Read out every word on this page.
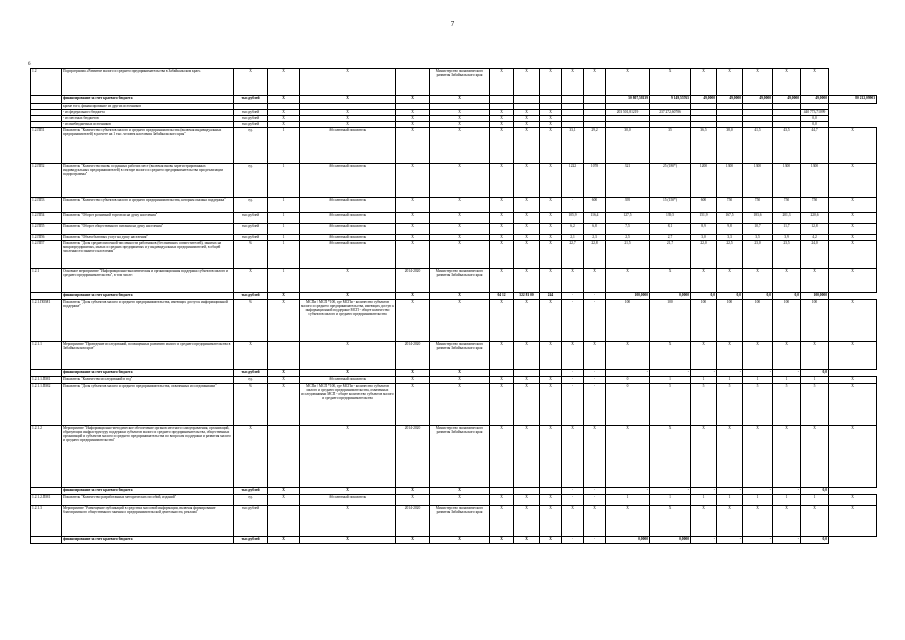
7
6
1.2	Подпрограмма «Развитие малого и среднего предпринимательства в Забайкальском крае»	X	X	X		Министерство экономического развития Забайкальского края	X	X	X	X	X	X	X	X	X	X	X	X	
	финансирование за счет краевого бюджета	тыс.рублей	X	X	X	X						50 807,58139	9 149,55765	49,0000	49,0000	49,0000	49,0000	49,0000	80 212,09903
	кроме того, финансирование из других источников																		
	- из федерального бюджета	тыс.рублей	X	X	X	X	X	X	X			203 501,81219	237 272,60786					440 773,71099	
	- из местных бюджетов	тыс.рублей	X	X	X	X	X	X	X									0,0	
	- из внебюджетных источников	тыс.рублей	X	X	X	X	X	X	X									0,0	
1.2.ПП1	Показатель "Количество субъектов малого и среднего предпринимательства (включая индивидуальных предпринимателей) в расчете на 1 тыс. человек населения Забайкальского края"	ед.	1	Абсолютный показатель	X	X	X	X	X	33,1	29,2	30,0	35	36,5	38,0	41,5	43,5	44,7	X
1.2.ПП2	Показатель "Количество вновь созданных рабочих мест (включая вновь зарегистрированных индивидуальных предпринимателей) в секторе малого и среднего предпринимательства при реализации подпрограммы"	ед.	1	Абсолютный показатель	X	X	X	X	X	1222	1078	321	25 (180*)	1200	1300	1300	1300	1300	X
1.2.ПП3	Показатель "Количество субъектов малого и среднего предпринимательства, которым оказана поддержка"	ед.	1	Абсолютный показатель	X	X	X	X	X	-	600	395	15 (150*)	600	750	750	750	750	X
1.2.ПП4	Показатель "Оборот розничной торговли на душу населения"	тыс.рублей	1	Абсолютный показатель	X	X	X	X	X	105,9	116,4	127,5	139,5	151,9	167,5	183,6	201,3	220,6	X
1.2.ПП5	Показатель "Оборот общественного питания на душу населения"	тыс.рублей	1	Абсолютный показатель	X	X	X	X	X	6,2	6,8	7,5	8,1	8,9	9,8	10,7	11,7	12,8	X
1.2.ПП6	Показатель "Объем бытовых услуг на душу населения"	тыс.рублей	1	Абсолютный показатель	X	X	X	X	X	2,1	2,3	2,5	2,7	3,0	3,3	3,5	3,9	4,2	X
1.2.ПП7	Показатель "Доля среднесписочной численности работников (без внешних совместителей), занятых на микропредприятиях, малых и средних предприятиях и у индивидуальных предпринимателей, в общей численности занятого населения"	%	1	Абсолютный показатель	X	X	X	X	X	22,7	22,8	21,5	21,7	22,0	22,5	23,0	23,5	24,0	X
1.2.1	Основное мероприятие "Информационно-аналитическая и организационная поддержка субъектов малого и среднего предпринимательства", в том числе:	X	1	X	2014-2020	Министерство экономического развития Забайкальского края	X	X	X	X	X	X	X	X	X	X	X	X	X
	финансирование за счет краевого бюджета	тыс.рублей	X	X	X	X	04 12	522 81 00	244	-	-	100,0000	0,0000	0,0	0,0	0,0	0,0	100,0000	
1.2.1.ПОМ1	Показатель "Доля субъектов малого и среднего предпринимательства, имеющих доступ к информационной поддержке"	%	X	МСПи / МСП *100, где МСПи - количество субъектов малого и среднего предпринимательства, имеющих доступ к информационной поддержке МСП - общее количество субъектов малого и среднего предпринимательства	X	X	X	X	X	-	-	100	100	100	100	100	100	100	X
1.2.1.1	Мероприятие "Проведение исследований, посвященных развитию малого и среднего предпринимательства в Забайкальском крае"	X		X	2014-2020	Министерство экономического развития Забайкальского края	X	X	X	X	X	X	X	X	X	X	X	X	X
	финансирование за счет краевого бюджета	тыс.рублей	X	X	X	X				-	-	-	-	-	-	-	-	0,0	
1.2.1.1.ПМ1	Показатель "Количество исследований в год"	ед.	X	Абсолютный показатель	X	X	X	X	X	-	-	0	1	1	1	1	1	1	X
1.2.1.1.ПМ2	Показатель "Доля субъектов малого и среднего предпринимательства, охваченных исследованиями"	%	X	МСПи / МСП *100, где МСПи - количество субъектов малого и среднего предпринимательства, охваченных исследованиями МСП - общее количество субъектов малого и среднего предпринимательства	X	X	X	X	X	-	-	0	5	5	5	5	5	5	X
1.2.1.2	Мероприятие "Информационно-методическое обеспечение органов местного самоуправления, организаций, образующих инфраструктуру поддержки субъектов малого и среднего предпринимательства, общественных организаций и субъектов малого и среднего предпринимательства по вопросам поддержки и развития малого и среднего предпринимательства"	X		X	2014-2020	Министерство экономического развития Забайкальского края	X	X	X	X	X	X	X	X	X	X	X	X	X
	финансирование за счет краевого бюджета	тыс.рублей	X	X	X	X				-	-	-	-	-	-	-	-	0,0	
1.2.1.2.ПМ1	Показатель "Количество разработанных методических пособий, изданий"	ед.	X	Абсолютный показатель	X	X	X	X	X	-	-	1	1	1	1	1	1	1	X
1.2.1.3	Мероприятие "Размещение публикаций в средствах массовой информации, включая формирование благоприятного общественного мнения о предпринимательской деятельности, реклама"	тыс.рублей		X	2014-2020	Министерство экономического развития Забайкальского края	X	X	X	X	X	X	X	X	X	X	X	X	X
	финансирование за счет краевого бюджета	тыс.рублей	X	X	X	X	X	X	X	-	-	0,0000	0,0000	-	-	-	-	0,0	
